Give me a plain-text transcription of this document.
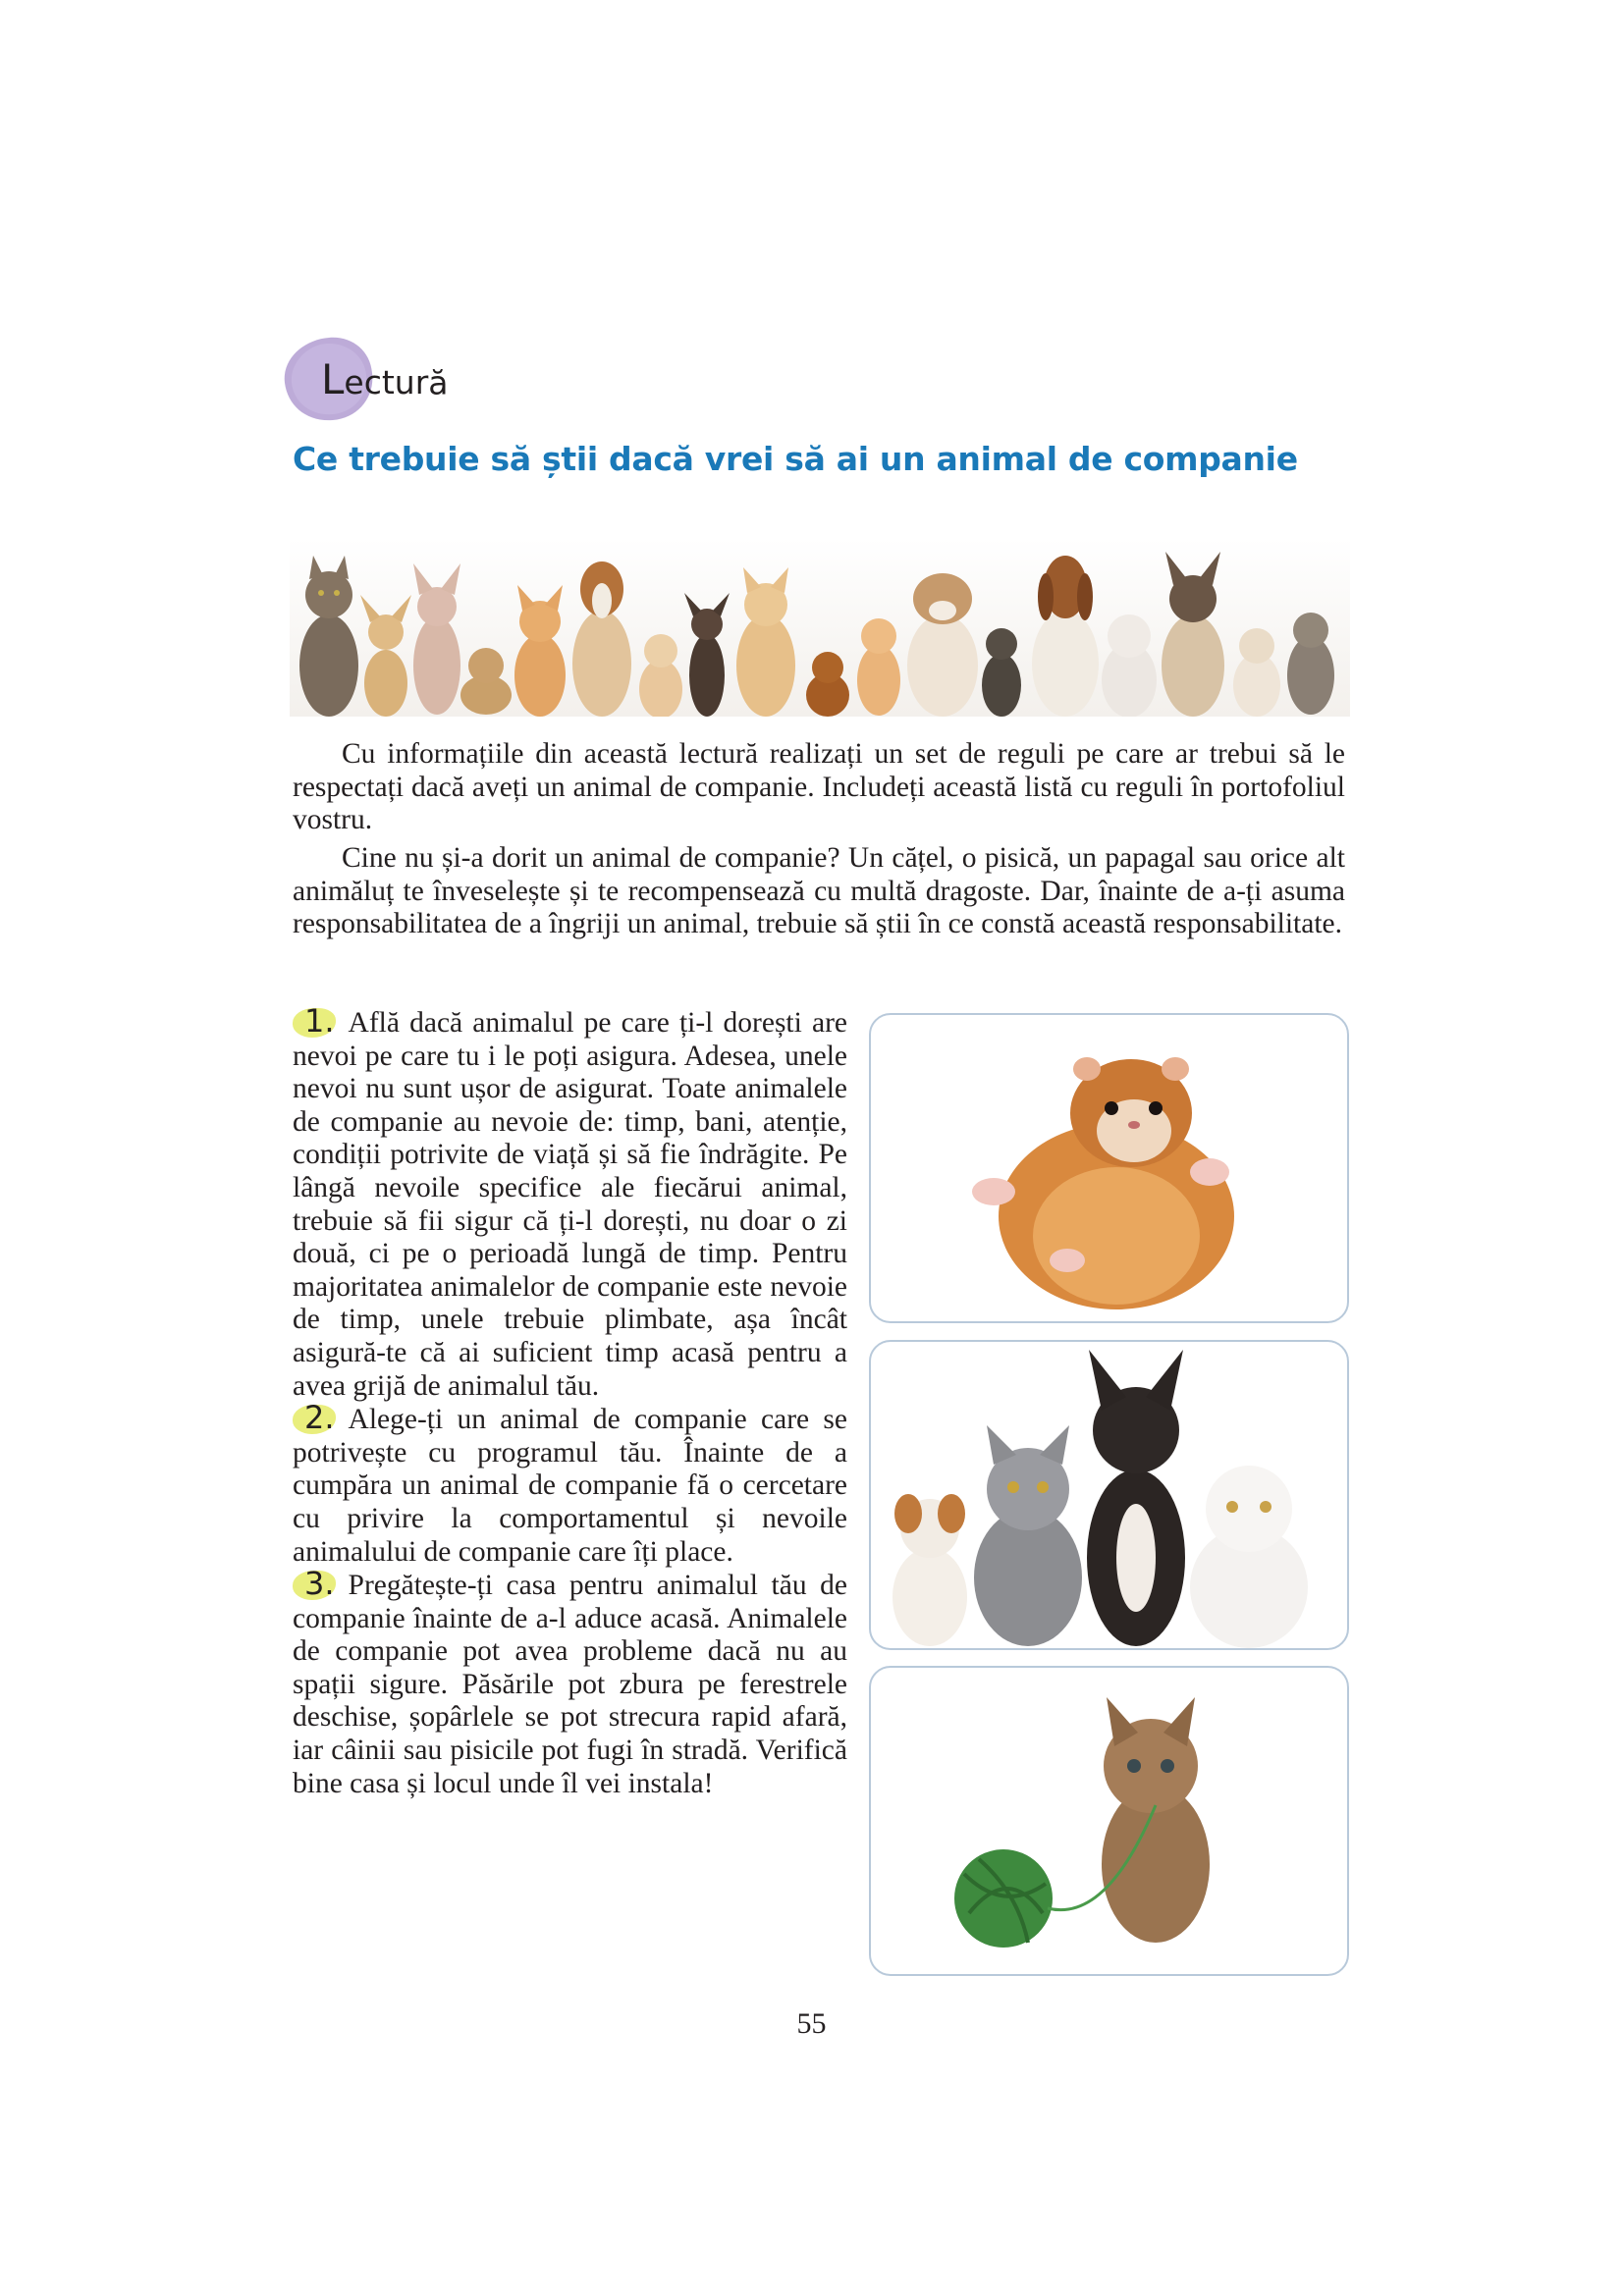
Lectură
Ce trebuie să știi dacă vrei să ai un animal de companie

Cu informațiile din această lectură realizați un set de reguli pe care ar trebui să le respectați dacă aveți un animal de companie. Includeți această listă cu reguli în portofoliul vostru.

Cine nu și-a dorit un animal de companie? Un cățel, o pisică, un papagal sau orice alt animăluț te înveselește și te recompensează cu multă dragoste. Dar, înainte de a-ți asuma responsabilitatea de a îngriji un animal, trebuie să știi în ce constă această responsabilitate.

1. Află dacă animalul pe care ți-l dorești are nevoi pe care tu i le poți asigura. Adesea, unele nevoi nu sunt ușor de asigurat. Toate animalele de companie au nevoie de: timp, bani, atenție, condiții potrivite de viață și să fie îndrăgite. Pe lângă nevoile specifice ale fiecărui animal, trebuie să fii sigur că ți-l dorești, nu doar o zi două, ci pe o perioadă lungă de timp. Pentru majoritatea animalelor de companie este nevoie de timp, unele trebuie plimbate, așa încât asigură-te că ai suficient timp acasă pentru a avea grijă de animalul tău.

2. Alege-ți un animal de companie care se potrivește cu programul tău. Înainte de a cumpăra un animal de companie fă o cercetare cu privire la comportamentul și nevoile animalului de companie care îți place.

3. Pregătește-ți casa pentru animalul tău de companie înainte de a-l aduce acasă. Animalele de companie pot avea probleme dacă nu au spații sigure. Păsările pot zbura pe ferestrele deschise, șopârlele se pot strecura rapid afară, iar câinii sau pisicile pot fugi în stradă. Verifică bine casa și locul unde îl vei instala!

55
